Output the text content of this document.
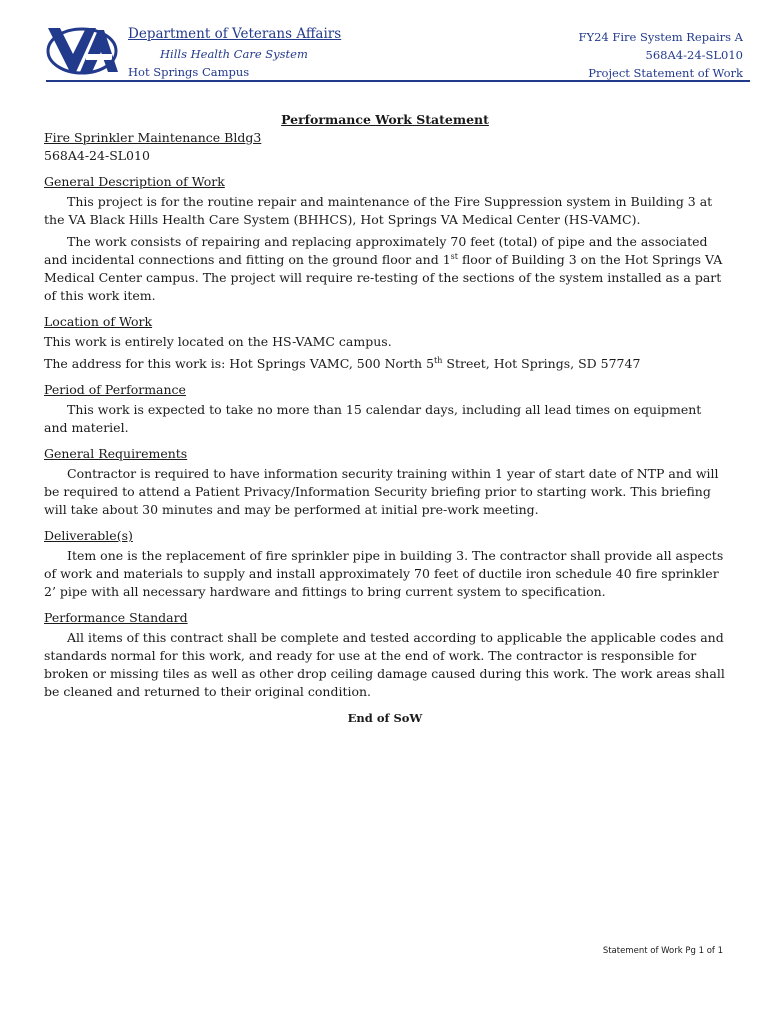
Department of Veterans Affairs

Hills Health Care System

Hot Springs Campus

FY24 Fire System Repairs A
568A4-24-SL010
Project Statement of Work

Performance Work Statement

Fire Sprinkler Maintenance Bldg3

568A4-24-SL010

General Description of Work

This project is for the routine repair and maintenance of the Fire Suppression system in Building 3 at the VA Black Hills Health Care System (BHHCS), Hot Springs VA Medical Center (HS-VAMC).

The work consists of repairing and replacing approximately 70 feet (total) of pipe and the associated and incidental connections and fitting on the ground floor and 1st floor of Building 3 on the Hot Springs VA Medical Center campus. The project will require re-testing of the sections of the system installed as a part of this work item.

Location of Work

This work is entirely located on the HS-VAMC campus.

The address for this work is: Hot Springs VAMC, 500 North 5th Street, Hot Springs, SD 57747

Period of Performance

This work is expected to take no more than 15 calendar days, including all lead times on equipment and materiel.

General Requirements

Contractor is required to have information security training within 1 year of start date of NTP and will be required to attend a Patient Privacy/Information Security briefing prior to starting work. This briefing will take about 30 minutes and may be performed at initial pre-work meeting.

Deliverable(s)

Item one is the replacement of fire sprinkler pipe in building 3. The contractor shall provide all aspects of work and materials to supply and install approximately 70 feet of ductile iron schedule 40 fire sprinkler 2’ pipe with all necessary hardware and fittings to bring current system to specification.

Performance Standard

All items of this contract shall be complete and tested according to applicable the applicable codes and standards normal for this work, and ready for use at the end of work. The contractor is responsible for broken or missing tiles as well as other drop ceiling damage caused during this work. The work areas shall be cleaned and returned to their original condition.

End of SoW

Statement of Work Pg 1 of 1
